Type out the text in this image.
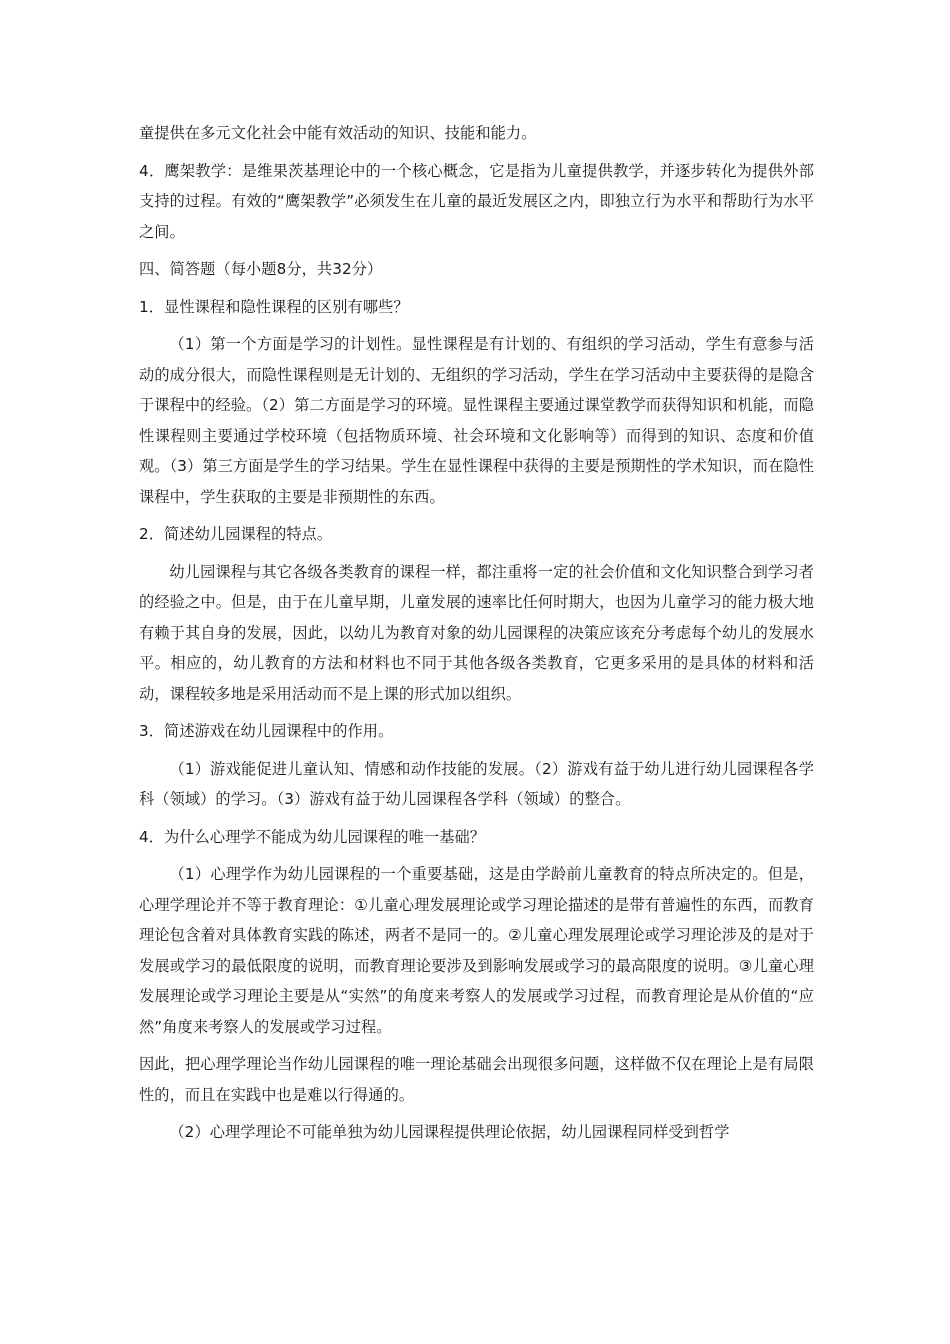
童提供在多元文化社会中能有效活动的知识、技能和能力。

4．鹰架教学：是维果茨基理论中的一个核心概念，它是指为儿童提供教学，并逐步转化为提供外部支持的过程。有效的“鹰架教学”必须发生在儿童的最近发展区之内，即独立行为水平和帮助行为水平之间。

四、简答题（每小题8分，共32分）

1．显性课程和隐性课程的区别有哪些？

（1）第一个方面是学习的计划性。显性课程是有计划的、有组织的学习活动，学生有意参与活动的成分很大，而隐性课程则是无计划的、无组织的学习活动，学生在学习活动中主要获得的是隐含于课程中的经验。（2）第二方面是学习的环境。显性课程主要通过课堂教学而获得知识和机能，而隐性课程则主要通过学校环境（包括物质环境、社会环境和文化影响等）而得到的知识、态度和价值观。（3）第三方面是学生的学习结果。学生在显性课程中获得的主要是预期性的学术知识，而在隐性课程中，学生获取的主要是非预期性的东西。

2．简述幼儿园课程的特点。

幼儿园课程与其它各级各类教育的课程一样，都注重将一定的社会价值和文化知识整合到学习者的经验之中。但是，由于在儿童早期，儿童发展的速率比任何时期大，也因为儿童学习的能力极大地有赖于其自身的发展，因此，以幼儿为教育对象的幼儿园课程的决策应该充分考虑每个幼儿的发展水平。相应的，幼儿教育的方法和材料也不同于其他各级各类教育，它更多采用的是具体的材料和活动，课程较多地是采用活动而不是上课的形式加以组织。

3．简述游戏在幼儿园课程中的作用。

（1）游戏能促进儿童认知、情感和动作技能的发展。（2）游戏有益于幼儿进行幼儿园课程各学科（领域）的学习。（3）游戏有益于幼儿园课程各学科（领域）的整合。

4．为什么心理学不能成为幼儿园课程的唯一基础？

（1）心理学作为幼儿园课程的一个重要基础，这是由学龄前儿童教育的特点所决定的。但是，心理学理论并不等于教育理论：①儿童心理发展理论或学习理论描述的是带有普遍性的东西，而教育理论包含着对具体教育实践的陈述，两者不是同一的。②儿童心理发展理论或学习理论涉及的是对于发展或学习的最低限度的说明，而教育理论要涉及到影响发展或学习的最高限度的说明。③儿童心理发展理论或学习理论主要是从“实然”的角度来考察人的发展或学习过程，而教育理论是从价值的“应然”角度来考察人的发展或学习过程。

因此，把心理学理论当作幼儿园课程的唯一理论基础会出现很多问题，这样做不仅在理论上是有局限性的，而且在实践中也是难以行得通的。

（2）心理学理论不可能单独为幼儿园课程提供理论依据，幼儿园课程同样受到哲学
